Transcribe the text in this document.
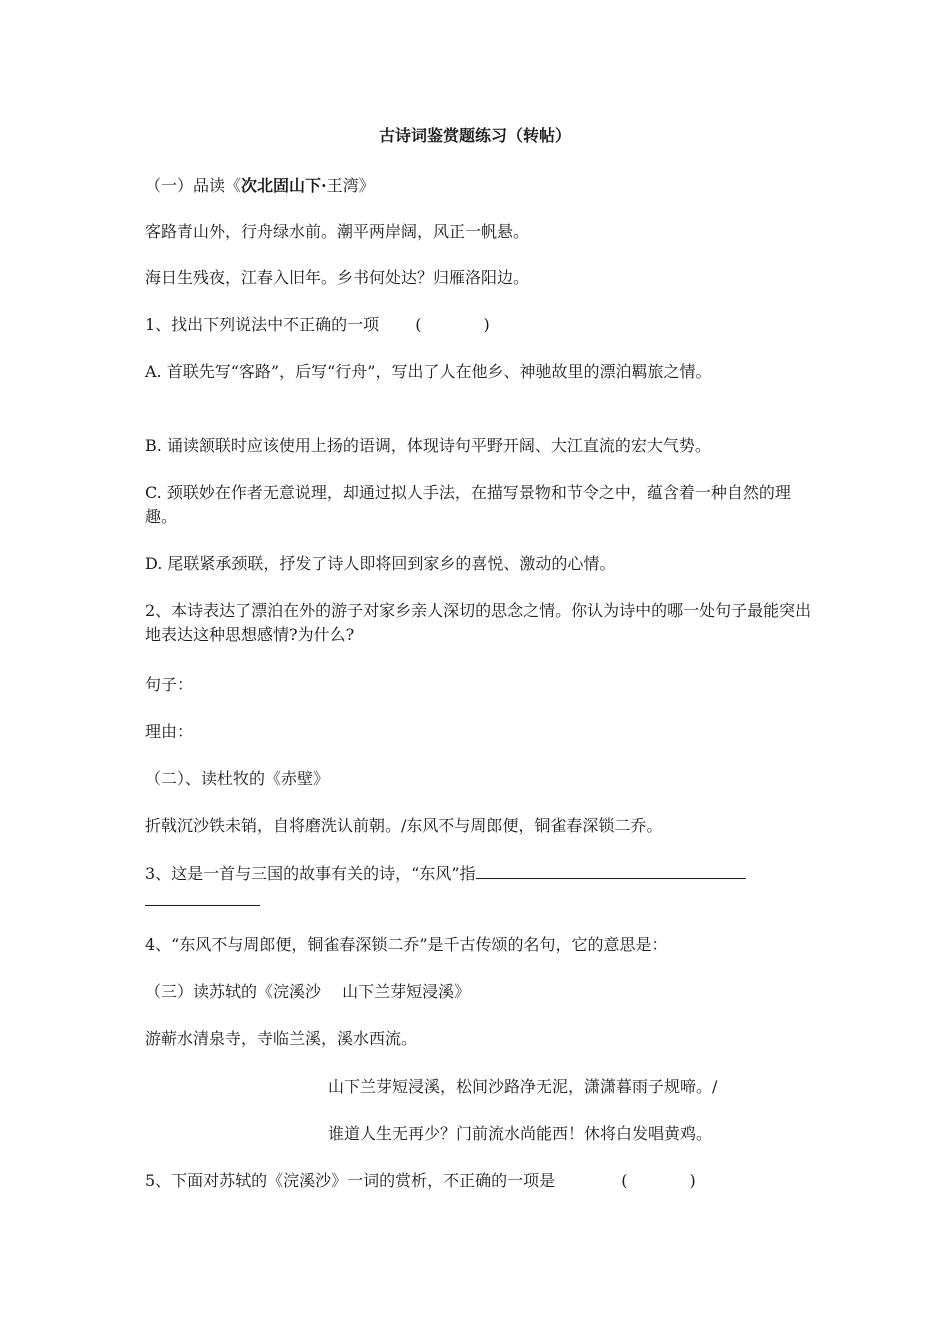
古诗词鉴赏题练习（转帖）
（一）品读《次北固山下·王湾》
客路青山外，行舟绿水前。潮平两岸阔，风正一帆悬。
海日生残夜，江春入旧年。乡书何处达？归雁洛阳边。
1、找出下列说法中不正确的一项 (	)
A. 首联先写“客路”，后写“行舟”，写出了人在他乡、神驰故里的漂泊羁旅之情。
B. 诵读颔联时应该使用上扬的语调，体现诗句平野开阔、大江直流的宏大气势。
C. 颈联妙在作者无意说理，却通过拟人手法，在描写景物和节令之中，蕴含着一种自然的理趣。
D. 尾联紧承颈联，抒发了诗人即将回到家乡的喜悦、激动的心情。
2、本诗表达了漂泊在外的游子对家乡亲人深切的思念之情。你认为诗中的哪一处句子最能突出地表达这种思想感情?为什么?
句子：
理由：
（二）、读杜牧的《赤壁》
折戟沉沙铁未销，自将磨洗认前朝。/东风不与周郎便，铜雀春深锁二乔。
3、这是一首与三国的故事有关的诗，“东风”指
4、“东风不与周郎便，铜雀春深锁二乔”是千古传颂的名句，它的意思是：
（三）读苏轼的《浣溪沙　 山下兰芽短浸溪》
游蕲水清泉寺，寺临兰溪，溪水西流。
山下兰芽短浸溪，松间沙路净无泥，潇潇暮雨子规啼。/
谁道人生无再少？门前流水尚能西！休将白发唱黄鸡。
5、下面对苏轼的《浣溪沙》一词的赏析，不正确的一项是	(	)
